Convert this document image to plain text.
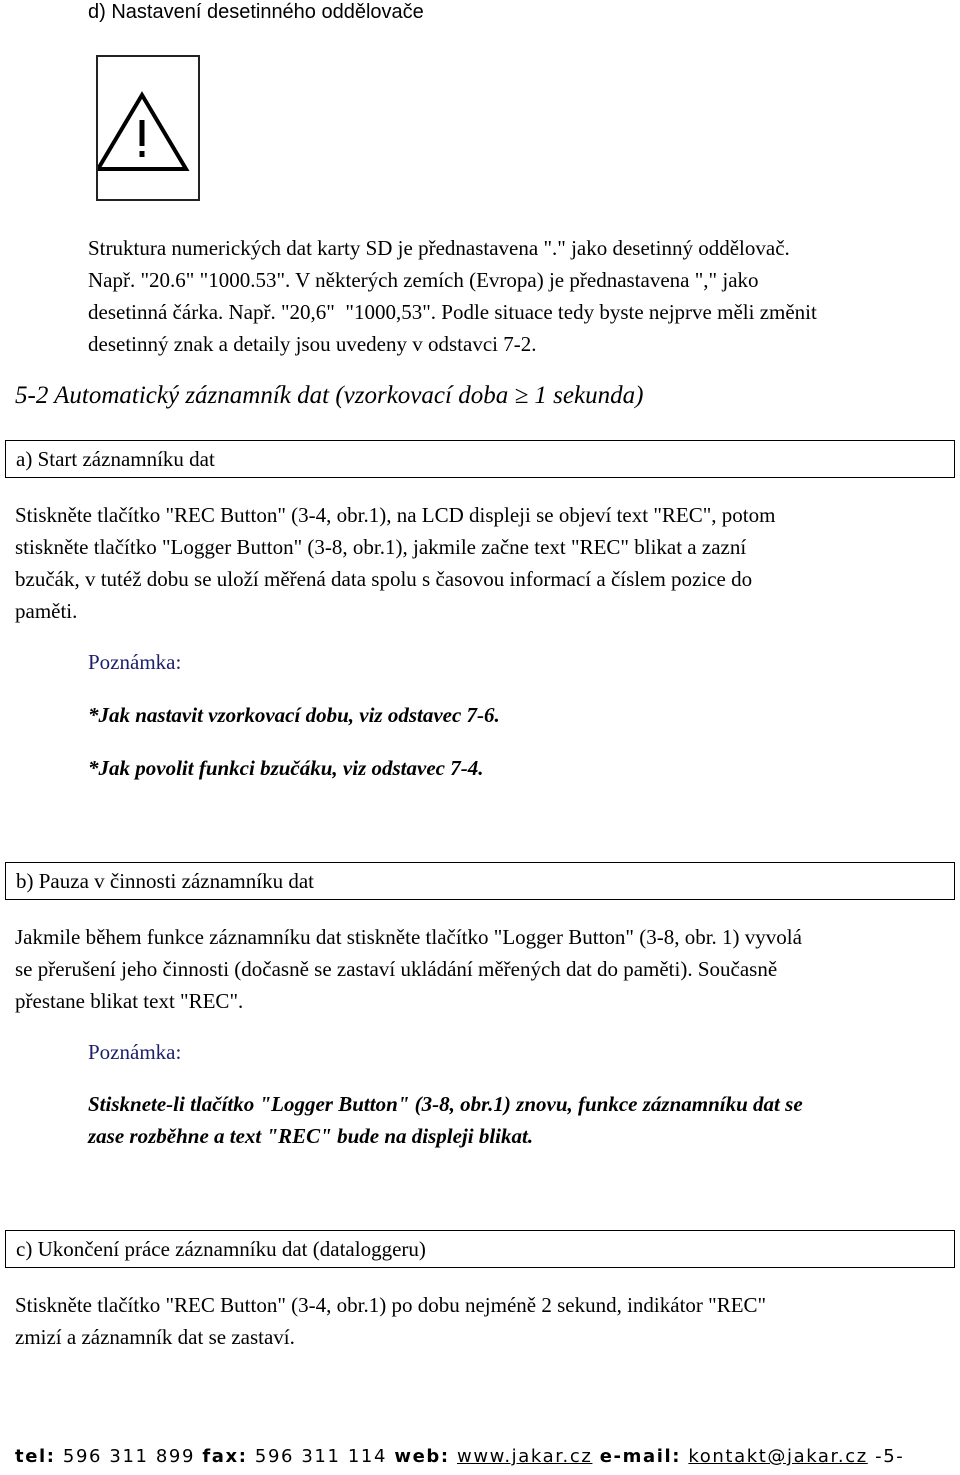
d) Nastavení desetinného oddělovače
Struktura numerických dat karty SD je přednastavena "." jako desetinný oddělovač.
Např. "20.6" "1000.53". V některých zemích (Evropa) je přednastavena "," jako
desetinná čárka. Např. "20,6"  "1000,53". Podle situace tedy byste nejprve měli změnit
desetinný znak a detaily jsou uvedeny v odstavci 7-2.
5-2 Automatický záznamník dat (vzorkovací doba ≥ 1 sekunda)
a) Start záznamníku dat
Stiskněte tlačítko "REC Button" (3-4, obr.1), na LCD displeji se objeví text "REC", potom
stiskněte tlačítko "Logger Button" (3-8, obr.1), jakmile začne text "REC" blikat a zazní
bzučák, v tutéž dobu se uloží měřená data spolu s časovou informací a číslem pozice do
paměti.
Poznámka:
*Jak nastavit vzorkovací dobu, viz odstavec 7-6.
*Jak povolit funkci bzučáku, viz odstavec 7-4.
b) Pauza v činnosti záznamníku dat
Jakmile během funkce záznamníku dat stiskněte tlačítko "Logger Button" (3-8, obr. 1) vyvolá
se přerušení jeho činnosti (dočasně se zastaví ukládání měřených dat do paměti). Současně
přestane blikat text "REC".
Poznámka:
Stisknete-li tlačítko "Logger Button" (3-8, obr.1) znovu, funkce záznamníku dat se
zase rozběhne a text "REC" bude na displeji blikat.
c) Ukončení práce záznamníku dat (dataloggeru)
Stiskněte tlačítko "REC Button" (3-4, obr.1) po dobu nejméně 2 sekund, indikátor "REC"
zmizí a záznamník dat se zastaví.
tel: 596 311 899 fax: 596 311 114 web: www.jakar.cz e-mail: kontakt@jakar.cz -5-
